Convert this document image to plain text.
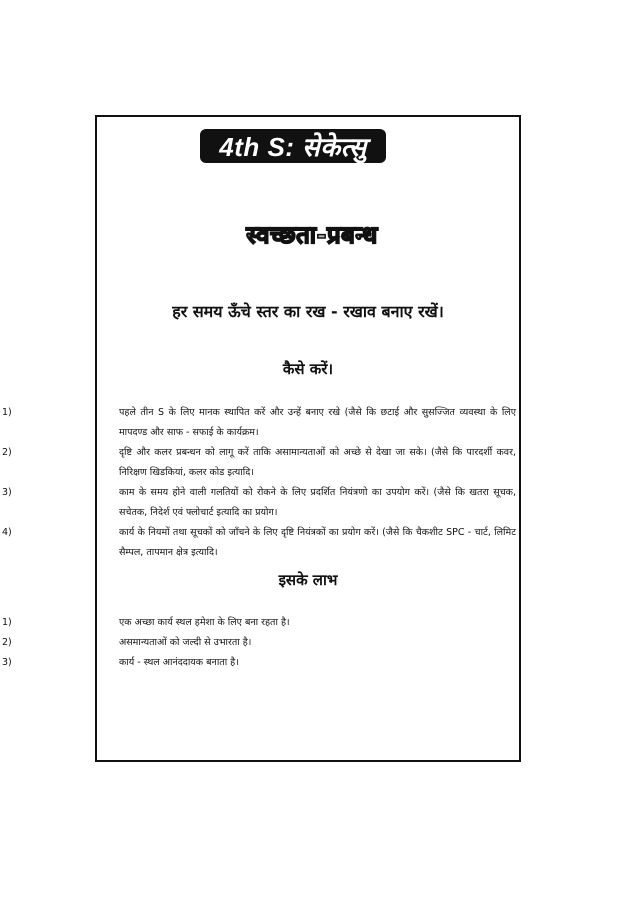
4th S: सेकेत्सु
स्वच्छता-प्रबन्ध
हर समय ऊँचे स्तर का रख - रखाव बनाए रखें।
कैसे करें।
1)	पहले तीन S के लिए मानक स्थापित करें और उन्हें बनाए रखे (जैसे कि छटाई और सुसज्जित व्यवस्था के लिए मापदण्ड और साफ - सफाई के कार्यक्रम।
2)	दृष्टि और कलर प्रबन्धन को लागू करें ताकि असामान्यताओं को अच्छे से देखा जा सके। (जैसे कि पारदर्शी कवर, निरिक्षण खिडकियां, कलर कोड इत्यादि।
3)	काम के समय होने वाली गलतियों को रोकने के लिए प्रदर्शित नियंत्रणो का उपयोग करें। (जैसे कि खतरा सूचक, सचेतक, निदेर्श एवं फ्लोचार्ट इत्यादि का प्रयोग।
4)	कार्य के नियमों तथा सूचकों को जाँचने के लिए दृष्टि नियंत्रकों का प्रयोग करें। (जैसे कि चैकशीट SPC - चार्ट, लिमिट सैम्पल, तापमान क्षेत्र इत्यादि।
इसके लाभ
1)	एक अच्छा कार्य स्थल हमेशा के लिए बना रहता है।
2)	असमान्यताओं को जल्दी से उभारता है।
3)	कार्य - स्थल आनंददायक बनाता है।
